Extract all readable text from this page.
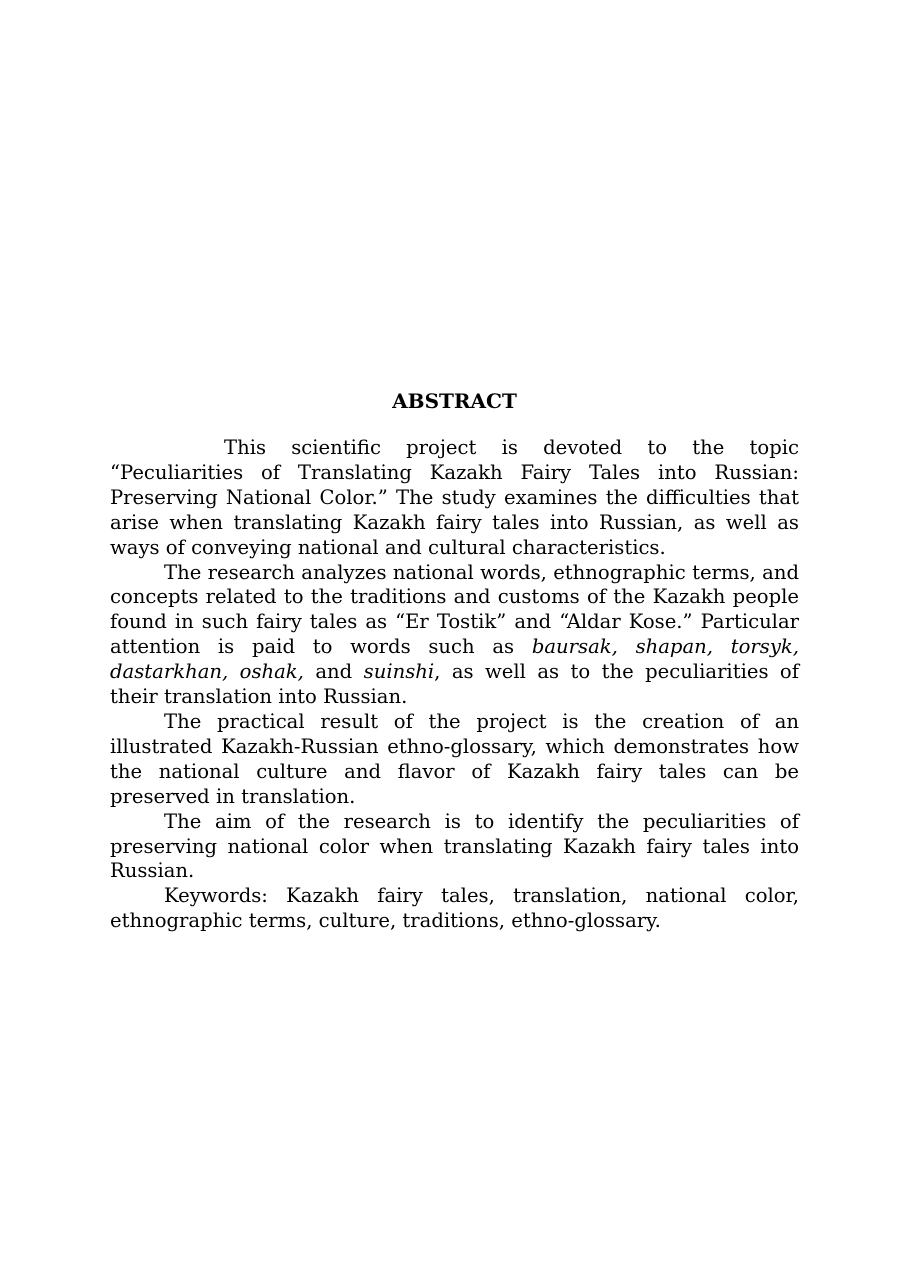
ABSTRACT

This scientific project is devoted to the topic “Peculiarities of Translating Kazakh Fairy Tales into Russian: Preserving National Color.” The study examines the difficulties that arise when translating Kazakh fairy tales into Russian, as well as ways of conveying national and cultural characteristics.

The research analyzes national words, ethnographic terms, and concepts related to the traditions and customs of the Kazakh people found in such fairy tales as “Er Tostik” and “Aldar Kose.” Particular attention is paid to words such as baursak, shapan, torsyk, dastarkhan, oshak, and suinshi, as well as to the peculiarities of their translation into Russian.

The practical result of the project is the creation of an illustrated Kazakh-Russian ethno-glossary, which demonstrates how the national culture and flavor of Kazakh fairy tales can be preserved in translation.

The aim of the research is to identify the peculiarities of preserving national color when translating Kazakh fairy tales into Russian.

Keywords: Kazakh fairy tales, translation, national color, ethnographic terms, culture, traditions, ethno-glossary.
